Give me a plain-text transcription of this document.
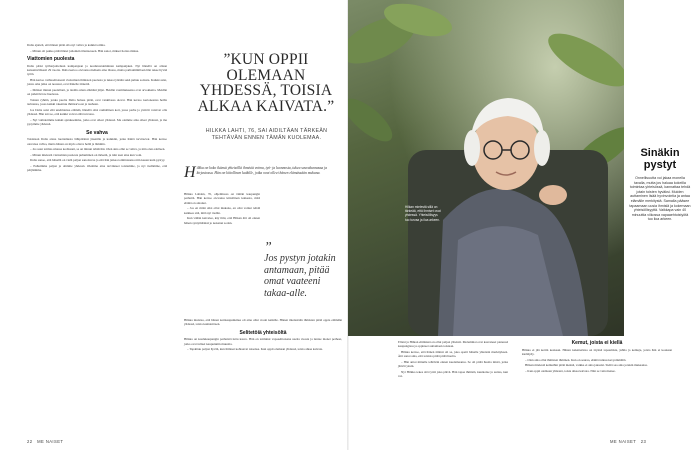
Dalia ajatteli, että hänen pitää olla nyt vahva ja kaikki toimia.

– Minun oli pakko pitää hänet johonkin tilanteeseen. Hän sanoi, mikset hoitaa minua.

Viattomien puolesta

Dalia pääsi työharjoitteluun kampanjaan ja koulutustoiminnan kampanjaksi. Nyt hänellä on allaan kansainvälisesti 29 vuotta. Dalia kertoo olevansa melkein aina tilassa, mutta parhaimmillaan hän tekee hyvää työtä.

Hän kertoo vaihtoehtoisesti viattomien ihmisten puolesta ja tukea työtään sekä puhuu sodasta. Kaikki asiat, joista oma jalka on noussut, ovat hänelle tärkeitä.

– Ihmiset minun puolellani, ja tiedän oman elämäni jäljet. Heidän vaatimuksensa ovat arvokkaita. Meidän on pidettävä ne huolessa.

Toinen ryhmä, jonka puolta Dalia haluaa pitää, ovat vankilassa olevat. Hän kertoo kertoneensa heille tarinansa, jossa kaikki rakentuu ihmisarvoon ja rauhaan.

Jos Dalia saisi eliä unelmiensa elämää, hänellä olisi rauhallinen koti, jossa perhe ja ystävät voisivat olla yhdessä. Hän toivoo, että kaikki voivat elää turvassa.

– Nyt vaihdoimme kaikki ajatuksemme, jotka ovat olleet yhdessä. Me olemme aina olleet yhdessä, ja me pysymme yhdessä.

Se vahva

Toisinaan Dalia antaa luottamusta lähipiirinsä jäsenille ja kaikkiin, jotka häntä tarvitsevat. Hän kertoo olevansa vahva, mutta hänen on myös oltava hellä ja lämmin.

– Jos saan toimia omassa kodissani, se on minun tehtäväni. Olen aina ollut se vahva, ja niin olen edelleen.

– Minun mielestä viattomien puolesta puhuminen on tärkeää, ja niin teen aina kun voin.

Dalia sanoo, että hänellä on vielä paljon sanottavaa ja että hän jatkaa toimintaansa niin kauan kuin pystyy.

– Puhuimme paljon ja olimme yhdessä. Olemme aina tarvinneet toisiamme, ja nyt tiedämme, että pärjäämme.

”KUN OPPII OLEMAAN YHDESSÄ, TOISIA ALKAA KAIVATA.”
HILKKA LAHTI, 76, SAI AIDILTÄAN TÄRKEÄN TEHTÄVÄN ENNEN TÄMÄN KUOLEMAA.
Hilkka on koko ikänsä yhteisöllä ihmisiä voima, työ- ja luonnosta, tukea seurakunnassa ja kirjastossa. Hän on kiitollinen kaikille, jotka ovat olleet hänen elämässään mukana.

Hilkka Lahden, 76, ohjelmassa on tämän kaupungin perheitä. Hän kertoo olevansa kiitollinen kaikesta, mitä elämä on antanut.

– Jos en minä olisi ollut mukana, en olisi voinut tehdä kaikkea sitä, mitä nyt tiedän.

Kun vähän kaivelee, käy ilmi, että Hilkan äiti oli ennen hänen syntymäänsä jo kokenut sodan.

Hilkka muistaa, että hänen kotikaupunkinsa oli aina ollut avoin kaikille. Hänen mielestään ihmisten pitää oppia elämään yhdessä, toisia kunnioittaen.

Selitetöiä yhteisöltä

Hilkka on koulukaupungin perheistä tuttu kasvo. Hän on toiminut vapaaehtoisena useita vuosia ja tuntee monet perheet, jotka ovat tulleet kaupunkiin muualta.

– Tapahtuu paljon hyvää, kun ihmiset kohtaavat toisensa. Kun oppii olemaan yhdessä, toisia alkaa kaivata.

”
Jos pystyn jotakin antamaan, pitää omat vaateeni takaa-alle.
Hilkan mielestä sillä on tärkeää, että ihmiset ovat yhdessä. Yhteisöllisyys tuo turvaa ja iloa arkeen.
Sinäkin pystyt
Onnellisuutta voi jakaa monella tavalla, mutta jos haluaa kokeilla toimintaa yhteisössä, kannattaa tehdä jotain toisten hyväksi. Muiden auttaminen lisää hyvinvointia ja antaa elämälle merkitystä. Samalla pääsee tapaamaan uusia ihmisiä ja kokemaan yhteisöllisyyttä. Vaikkapa vain 40 minuuttia viikossa vapaaehtoistyötä tuo iloa arkeen.

Ellani ja Hilkan elämässä on ollut paljon yhteistä. Molemmat ovat kasvaneet pienessä kaupungissa ja oppineet auttamaan toisiaan.

Hilkka kertoo, että hänen äitinsä oli se, joka opetti hänelle yhteisön merkityksen. Äiti sanoi aina, että toisista pitää pitää huolta.

– Hän antoi minulle tehtävän ennen kuolemaansa. Se oli pitää huolta niistä, jotka jäävät yksin.

Nyt Hilkka tekee sitä työtä joka päivä. Hän tapaa ihmisiä, kuuntelee ja auttaa, kun voi.

Kemut, joista ei kiellä

Hilkka ei jää kotiin koskaan. Hänen kalenterinsa on täynnä tapaamisia, juhlia ja kemuja, joista hän ei koskaan kieltäydy.

– Olen aina ollut ihmisten ihminen. Kun on seuraa, elämä tuntuu kevyemmältä.

Hilkan mielestä kemuihin pitää mennä, vaikka ei aina jaksaisi. Sieltä saa aina jotakin mukaansa.

– Kun oppii olemaan yhdessä, toisia alkaa kaivata. Niin se vain menee.

22 ME NAISET	ME NAISET 23
